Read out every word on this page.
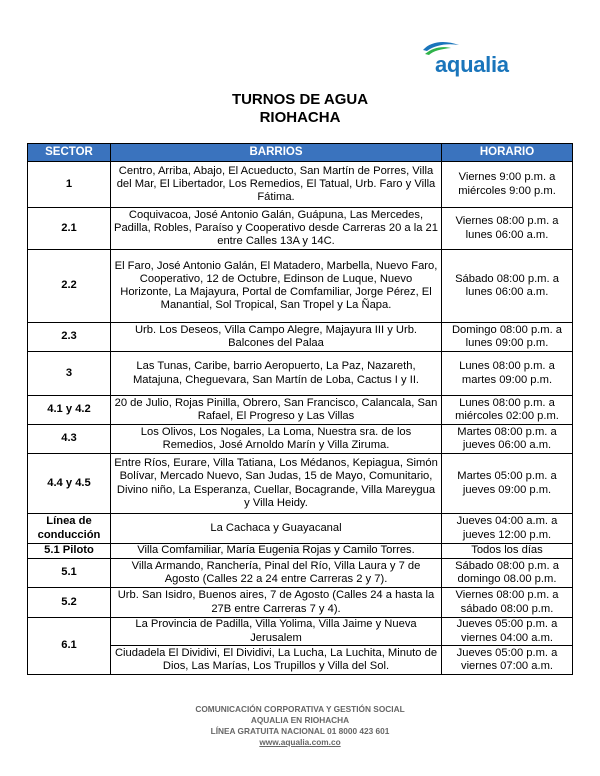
aqualia
TURNOS DE AGUA
RIOHACHA
SECTOR	BARRIOS	HORARIO
1	Centro, Arriba, Abajo, El Acueducto, San Martín de Porres, Villa del Mar, El Libertador, Los Remedios, El Tatual, Urb. Faro y Villa Fátima.	Viernes 9:00 p.m. a miércoles 9:00 p.m.
2.1	Coquivacoa, José Antonio Galán, Guápuna, Las Mercedes, Padilla, Robles, Paraíso y Cooperativo desde Carreras 20 a la 21 entre Calles 13A y 14C.	Viernes 08:00 p.m. a lunes 06:00 a.m.
2.2	El Faro, José Antonio Galán, El Matadero, Marbella, Nuevo Faro, Cooperativo, 12 de Octubre, Edinson de Luque, Nuevo Horizonte, La Majayura, Portal de Comfamiliar, Jorge Pérez, El Manantial, Sol Tropical, San Tropel y La Ñapa.	Sábado 08:00 p.m. a lunes 06:00 a.m.
2.3	Urb. Los Deseos, Villa Campo Alegre, Majayura III y Urb. Balcones del Palaa	Domingo 08:00 p.m. a lunes 09:00 p.m.
3	Las Tunas, Caribe, barrio Aeropuerto, La Paz, Nazareth, Matajuna, Cheguevara, San Martín de Loba, Cactus I y II.	Lunes 08:00 p.m. a martes 09:00 p.m.
4.1 y 4.2	20 de Julio, Rojas Pinilla, Obrero, San Francisco, Calancala, San Rafael, El Progreso y Las Villas	Lunes 08:00 p.m. a miércoles 02:00 p.m.
4.3	Los Olivos, Los Nogales, La Loma, Nuestra sra. de los Remedios, José Arnoldo Marín y Villa Ziruma.	Martes 08:00 p.m. a jueves 06:00 a.m.
4.4 y 4.5	Entre Ríos, Eurare, Villa Tatiana, Los Médanos, Kepiagua, Simón Bolívar, Mercado Nuevo, San Judas, 15 de Mayo, Comunitario, Divino niño, La Esperanza, Cuellar, Bocagrande, Villa Mareygua y Villa Heidy.	Martes 05:00 p.m. a jueves 09:00 p.m.
Línea de conducción	La Cachaca y Guayacanal	Jueves 04:00 a.m. a jueves 12:00 p.m.
5.1 Piloto	Villa Comfamiliar, María Eugenia Rojas y Camilo Torres.	Todos los días
5.1	Villa Armando, Ranchería, Pinal del Río, Villa Laura y 7 de Agosto (Calles 22 a 24 entre Carreras 2 y 7).	Sábado 08:00 p.m. a domingo 08.00 p.m.
5.2	Urb. San Isidro, Buenos aires, 7 de Agosto (Calles 24 a hasta la 27B entre Carreras 7 y 4).	Viernes 08:00 p.m. a sábado 08:00 p.m.
6.1	La Provincia de Padilla, Villa Yolima, Villa Jaime y Nueva Jerusalem	Jueves 05:00 p.m. a viernes 04:00 a.m.
	Ciudadela El Dividivi, El Dividivi, La Lucha, La Luchita, Minuto de Dios, Las Marías, Los Trupillos y Villa del Sol.	Jueves 05:00 p.m. a viernes 07:00 a.m.
COMUNICACIÓN CORPORATIVA Y GESTIÓN SOCIAL
AQUALIA EN RIOHACHA
LÍNEA GRATUITA NACIONAL 01 8000 423 601
www.aqualia.com.co
